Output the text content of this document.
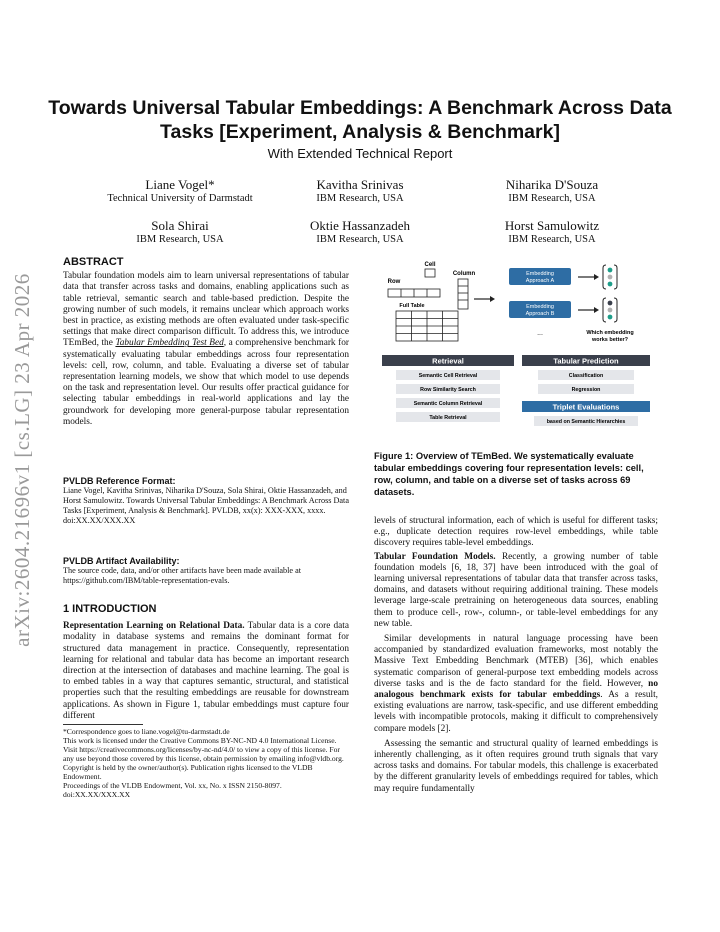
arXiv:2604.21696v1 [cs.LG] 23 Apr 2026
Towards Universal Tabular Embeddings: A Benchmark Across Data Tasks [Experiment, Analysis & Benchmark]
With Extended Technical Report
Liane Vogel*
Technical University of Darmstadt
Kavitha Srinivas
IBM Research, USA
Niharika D'Souza
IBM Research, USA
Sola Shirai
IBM Research, USA
Oktie Hassanzadeh
IBM Research, USA
Horst Samulowitz
IBM Research, USA
ABSTRACT

Tabular foundation models aim to learn universal representations of tabular data that transfer across tasks and domains, enabling applications such as table retrieval, semantic search and table-based prediction. Despite the growing number of such models, it remains unclear which approach works best in practice, as existing methods are often evaluated under task-specific settings that make direct comparison difficult. To address this, we introduce TEmBed, the Tabular Embedding Test Bed, a comprehensive benchmark for systematically evaluating tabular embeddings across four representation levels: cell, row, column, and table. Evaluating a diverse set of tabular representation learning models, we show that which model to use depends on the task and representation level. Our results offer practical guidance for selecting tabular embeddings in real-world applications and lay the groundwork for developing more general-purpose tabular representation models.

PVLDB Reference Format:

Liane Vogel, Kavitha Srinivas, Niharika D'Souza, Sola Shirai, Oktie Hassanzadeh, and Horst Samulowitz. Towards Universal Tabular Embeddings: A Benchmark Across Data Tasks [Experiment, Analysis & Benchmark]. PVLDB, xx(x): XXX-XXX, xxxx.

doi:XX.XX/XXX.XX

PVLDB Artifact Availability:

The source code, data, and/or other artifacts have been made available at https://github.com/IBM/table-representation-evals.

1 INTRODUCTION

Representation Learning on Relational Data. Tabular data is a core data modality in database systems and remains the dominant format for structured data management in practice. Consequently, representation learning for relational and tabular data has become an important research direction at the intersection of databases and machine learning. The goal is to embed tables in a way that captures semantic, structural, and statistical properties such that the resulting embeddings are reusable for downstream applications. As shown in Figure 1, tabular embeddings must capture four different

*Correspondence goes to liane.vogel@tu-darmstadt.de

This work is licensed under the Creative Commons BY-NC-ND 4.0 International License. Visit https://creativecommons.org/licenses/by-nc-nd/4.0/ to view a copy of this license. For any use beyond those covered by this license, obtain permission by emailing info@vldb.org. Copyright is held by the owner/author(s). Publication rights licensed to the VLDB Endowment.

Proceedings of the VLDB Endowment, Vol. xx, No. x ISSN 2150-8097.

doi:XX.XX/XXX.XX

Cell
Row
Column
Full Table
Embedding Approach A
Embedding Approach B
...	Which embedding works better?
Retrieval
Semantic Cell Retrieval
Row Similarity Search
Semantic Column Retrieval
Table Retrieval
Tabular Prediction
Classification
Regression
Triplet Evaluations
based on Semantic Hierarchies
Figure 1: Overview of TEmBed. We systematically evaluate tabular embeddings covering four representation levels: cell, row, column, and table on a diverse set of tasks across 69 datasets.

levels of structural information, each of which is useful for different tasks; e.g., duplicate detection requires row-level embeddings, while table discovery requires table-level embeddings.

Tabular Foundation Models. Recently, a growing number of table foundation models [6, 18, 37] have been introduced with the goal of learning universal representations of tabular data that transfer across tasks, domains, and datasets without requiring additional training. These models leverage large-scale pretraining on heterogeneous data sources, enabling them to produce cell-, row-, column-, or table-level embeddings for any new table.

Similar developments in natural language processing have been accompanied by standardized evaluation frameworks, most notably the Massive Text Embedding Benchmark (MTEB) [36], which enables systematic comparison of general-purpose text embedding models across diverse tasks and is the de facto standard for the field. However, no analogous benchmark exists for tabular embeddings. As a result, existing evaluations are narrow, task-specific, and use different embedding levels with incompatible protocols, making it difficult to comprehensively compare models [2].

Assessing the semantic and structural quality of learned embeddings is inherently challenging, as it often requires ground truth signals that vary across tasks and domains. For tabular models, this challenge is exacerbated by the different granularity levels of embeddings required for tables, which may require fundamentally
